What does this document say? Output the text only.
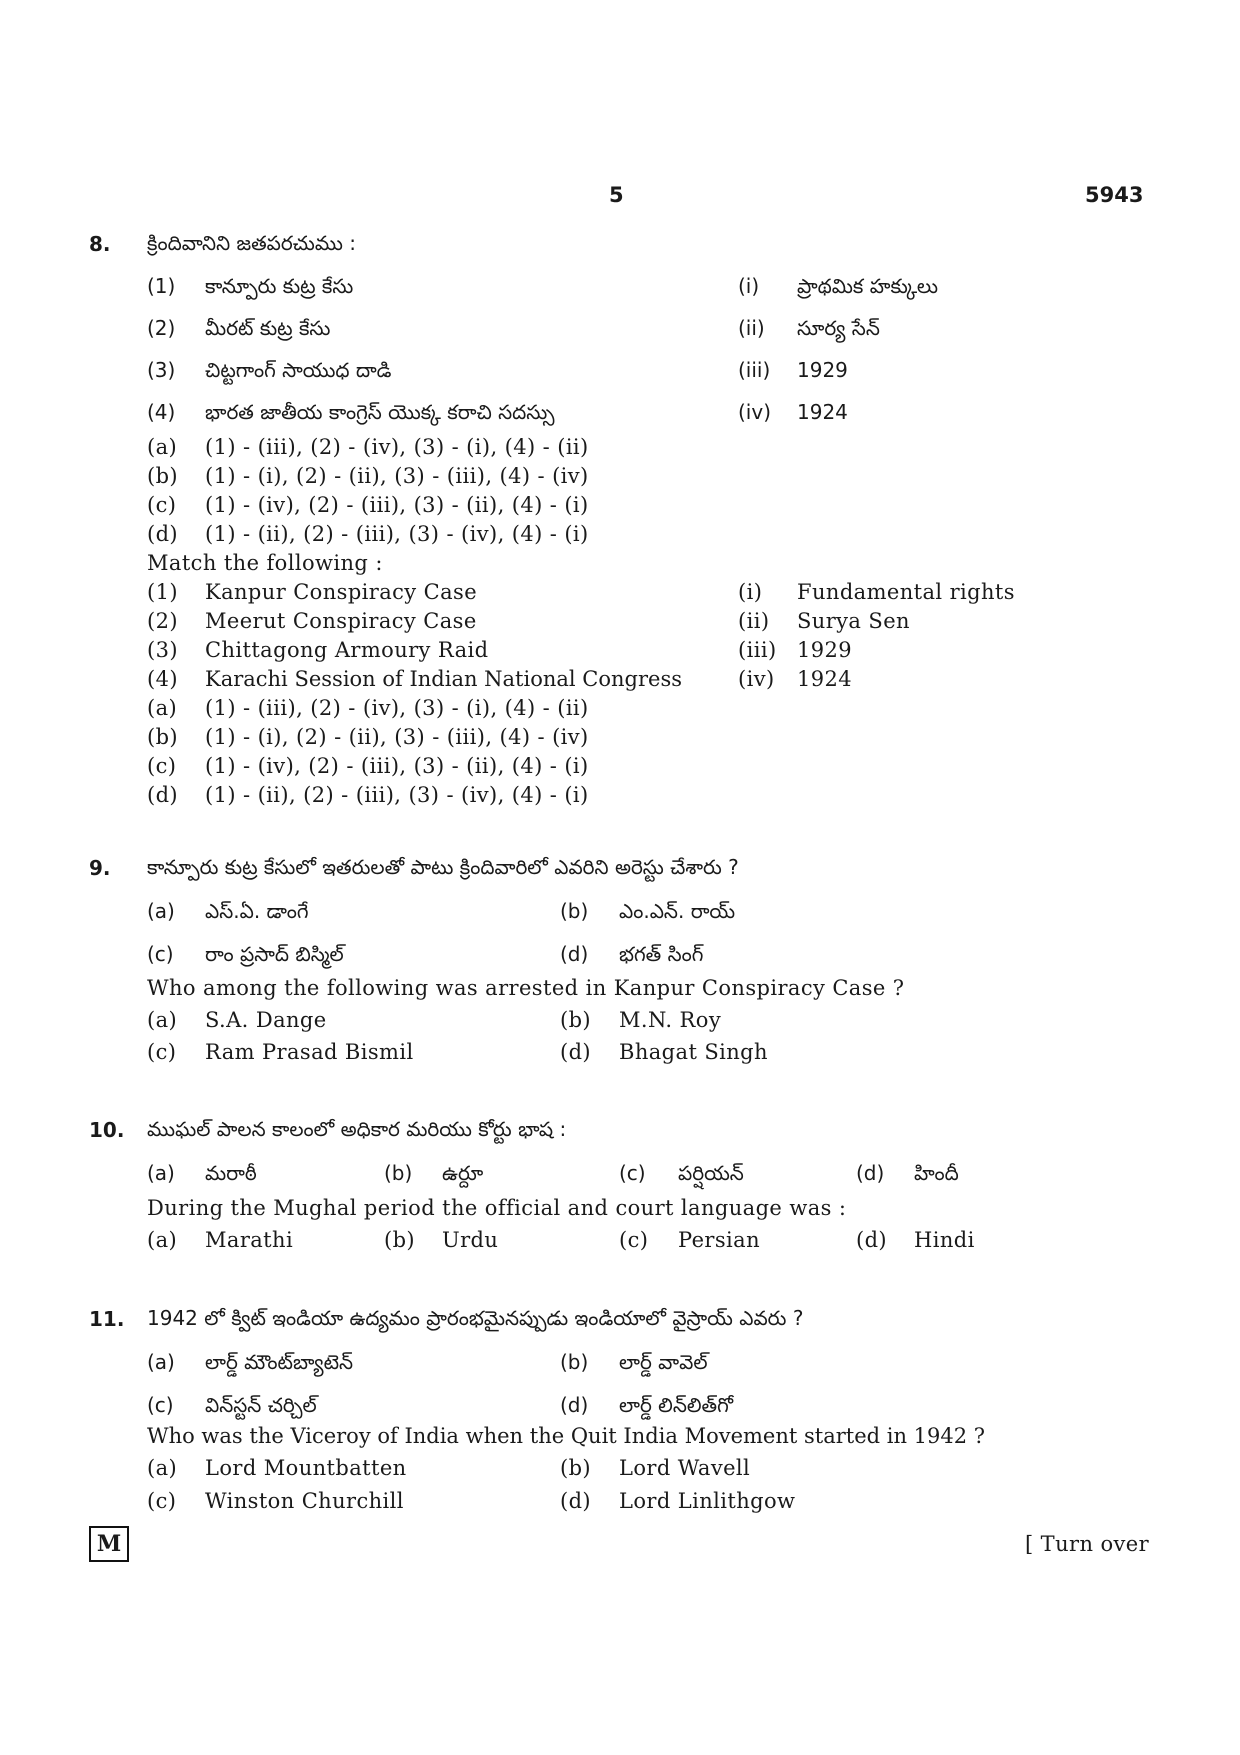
5	5943
8. క్రిందివానిని జతపరచుము :
(1) కాన్పూరు కుట్ర కేసు	(i) ప్రాథమిక హక్కులు
(2) మీరట్ కుట్ర కేసు	(ii) సూర్య సేన్
(3) చిట్టగాంగ్ సాయుధ దాడి	(iii) 1929
(4) భారత జాతీయ కాంగ్రెస్ యొక్క కరాచి సదస్సు	(iv) 1924
(a) (1) - (iii), (2) - (iv), (3) - (i), (4) - (ii)
(b) (1) - (i), (2) - (ii), (3) - (iii), (4) - (iv)
(c) (1) - (iv), (2) - (iii), (3) - (ii), (4) - (i)
(d) (1) - (ii), (2) - (iii), (3) - (iv), (4) - (i)
Match the following :
(1) Kanpur Conspiracy Case	(i) Fundamental rights
(2) Meerut Conspiracy Case	(ii) Surya Sen
(3) Chittagong Armoury Raid	(iii) 1929
(4) Karachi Session of Indian National Congress	(iv) 1924
(a) (1) - (iii), (2) - (iv), (3) - (i), (4) - (ii)
(b) (1) - (i), (2) - (ii), (3) - (iii), (4) - (iv)
(c) (1) - (iv), (2) - (iii), (3) - (ii), (4) - (i)
(d) (1) - (ii), (2) - (iii), (3) - (iv), (4) - (i)
9. కాన్పూరు కుట్ర కేసులో ఇతరులతో పాటు క్రిందివారిలో ఎవరిని అరెస్టు చేశారు ?
(a) ఎస్.ఏ. డాంగే	(b) ఎం.ఎన్. రాయ్
(c) రాం ప్రసాద్ బిస్మిల్	(d) భగత్ సింగ్
Who among the following was arrested in Kanpur Conspiracy Case ?
(a) S.A. Dange	(b) M.N. Roy
(c) Ram Prasad Bismil	(d) Bhagat Singh
10. ముఘల్ పాలన కాలంలో అధికార మరియు కోర్టు భాష :
(a) మరాఠీ	(b) ఉర్దూ	(c) పర్షియన్	(d) హిందీ
During the Mughal period the official and court language was :
(a) Marathi	(b) Urdu	(c) Persian	(d) Hindi
11. 1942 లో క్విట్ ఇండియా ఉద్యమం ప్రారంభమైనప్పుడు ఇండియాలో వైస్రాయ్ ఎవరు ?
(a) లార్డ్ మౌంట్‌బ్యాటెన్	(b) లార్డ్ వావెల్
(c) విన్‌స్టన్ చర్చిల్	(d) లార్డ్ లిన్‌లిత్‌గో
Who was the Viceroy of India when the Quit India Movement started in 1942 ?
(a) Lord Mountbatten	(b) Lord Wavell
(c) Winston Churchill	(d) Lord Linlithgow
M	[ Turn over
